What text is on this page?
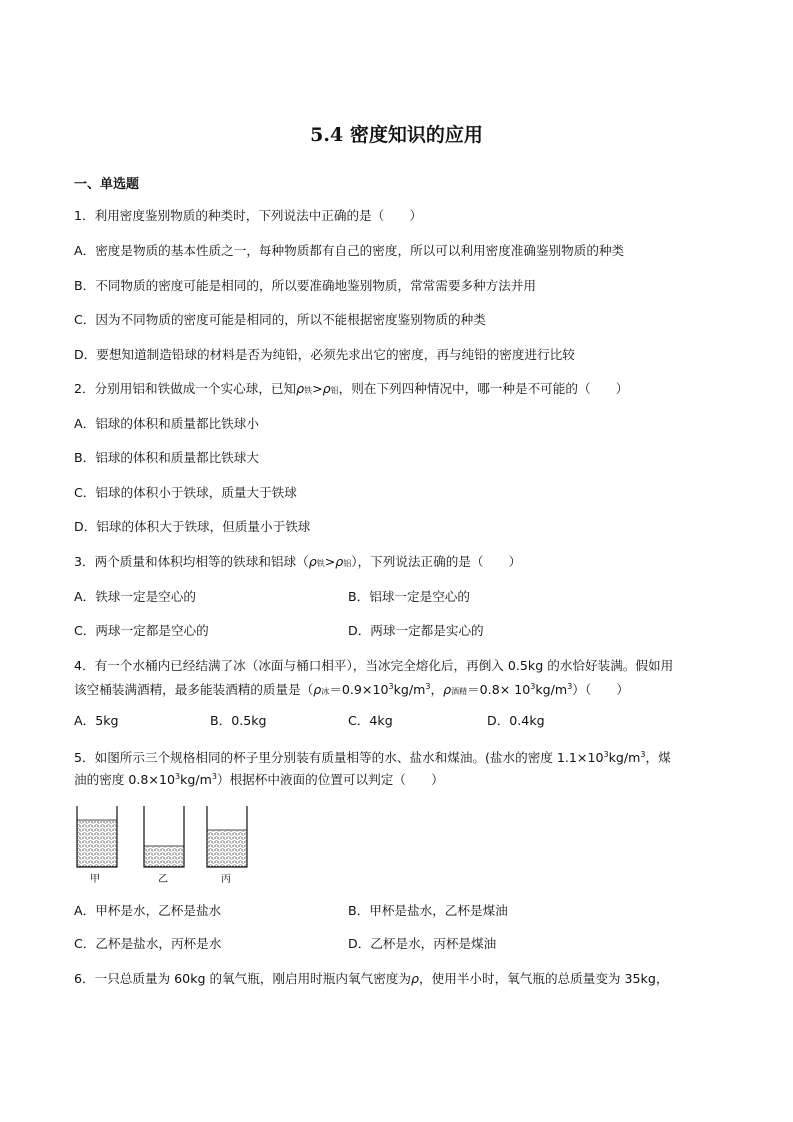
5.4 密度知识的应用
一、单选题
1．利用密度鉴别物质的种类时，下列说法中正确的是（　　）
A．密度是物质的基本性质之一，每种物质都有自己的密度，所以可以利用密度准确鉴别物质的种类
B．不同物质的密度可能是相同的，所以要准确地鉴别物质，常常需要多种方法并用
C．因为不同物质的密度可能是相同的，所以不能根据密度鉴别物质的种类
D．要想知道制造铅球的材料是否为纯铅，必须先求出它的密度，再与纯铅的密度进行比较
2．分别用铝和铁做成一个实心球，已知ρ铁>ρ铝，则在下列四种情况中，哪一种是不可能的（　　）
A．铝球的体积和质量都比铁球小
B．铝球的体积和质量都比铁球大
C．铝球的体积小于铁球，质量大于铁球
D．铝球的体积大于铁球，但质量小于铁球
3．两个质量和体积均相等的铁球和铝球（ρ铁>ρ铝），下列说法正确的是（　　）
A．铁球一定是空心的	B．铝球一定是空心的
C．两球一定都是空心的	D．两球一定都是实心的
4．有一个水桶内已经结满了冰（冰面与桶口相平），当冰完全熔化后，再倒入 0.5kg 的水恰好装满。假如用
该空桶装满酒精，最多能装酒精的质量是（ρ冰$=0.9\times 10^3kg/m^3$，ρ酒精$=0.8\times 10^3kg/m^3$）（　　）
A．5kg	B．0.5kg	C．4kg	D．0.4kg
5．如图所示三个规格相同的杯子里分别装有质量相等的水、盐水和煤油。(盐水的密度 $1.1\times 10^3kg/m^3$，煤
油的密度 $0.8\times 10^3kg/m^3$）根据杯中液面的位置可以判定（　　）
甲	乙	丙
A．甲杯是水，乙杯是盐水	B．甲杯是盐水，乙杯是煤油
C．乙杯是盐水，丙杯是水	D．乙杯是水，丙杯是煤油
6．一只总质量为 60kg 的氧气瓶，刚启用时瓶内氧气密度为ρ，使用半小时，氧气瓶的总质量变为 35kg，
